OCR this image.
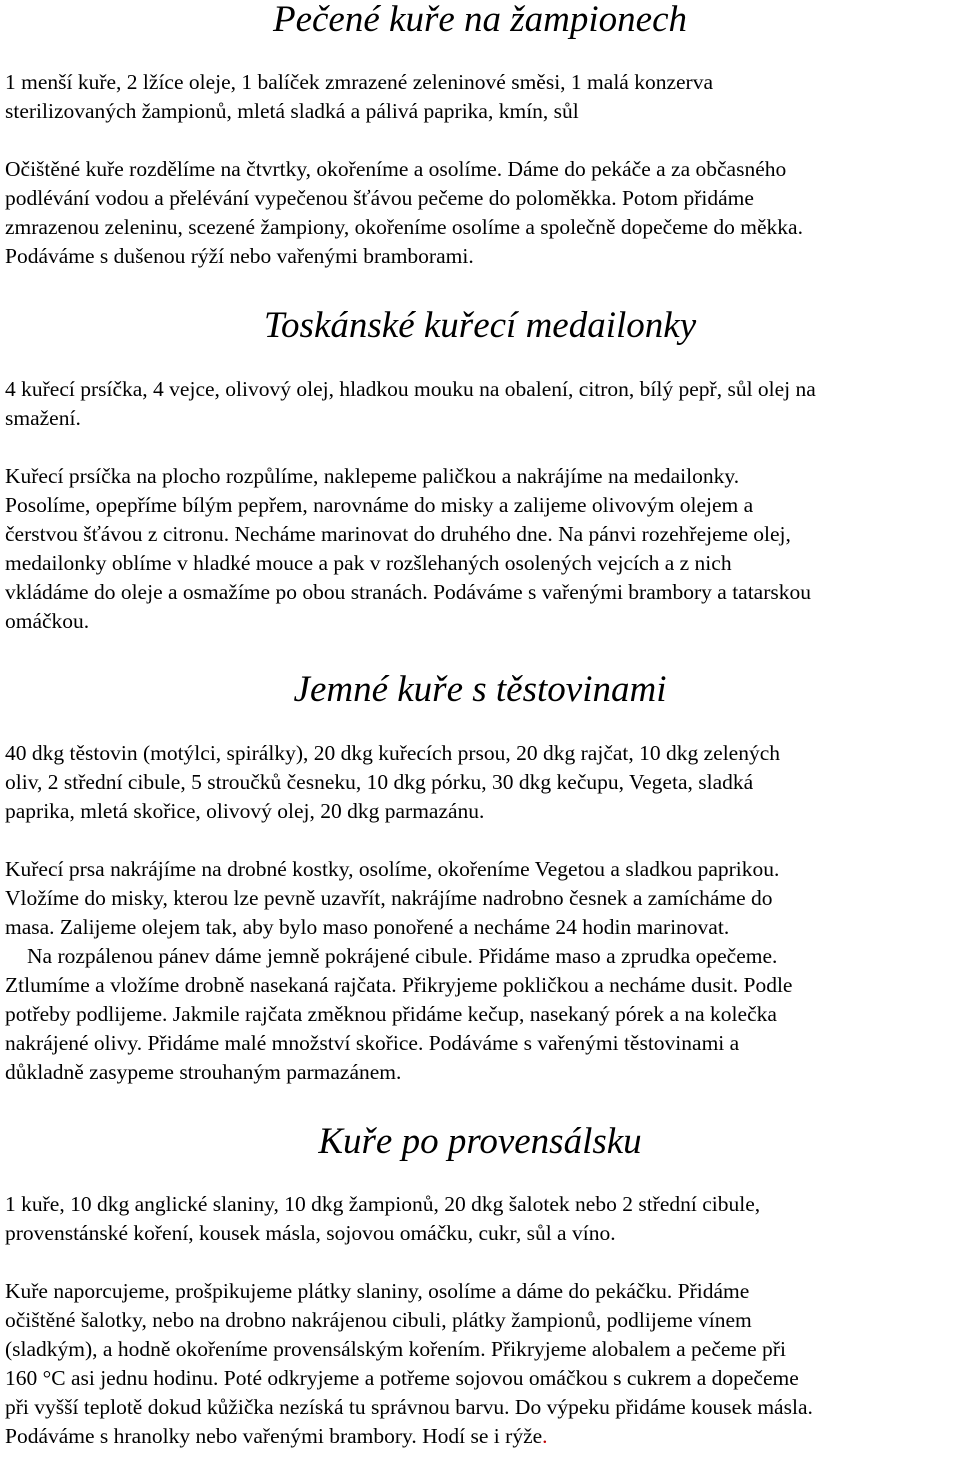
Pečené kuře na žampionech

1 menší kuře, 2 lžíce oleje, 1 balíček zmrazené zeleninové směsi, 1 malá konzerva
sterilizovaných žampionů, mletá sladká a pálivá paprika, kmín, sůl

Očištěné kuře rozdělíme na čtvrtky, okořeníme a osolíme. Dáme do pekáče a za občasného
podlévání vodou a přelévání vypečenou šťávou pečeme do poloměkka. Potom přidáme
zmrazenou zeleninu, scezené žampiony, okořeníme osolíme a společně dopečeme do měkka.
Podáváme s dušenou rýží nebo vařenými bramborami.

Toskánské kuřecí medailonky

4 kuřecí prsíčka, 4 vejce, olivový olej, hladkou mouku na obalení, citron, bílý pepř, sůl olej na
smažení.

Kuřecí prsíčka na plocho rozpůlíme, naklepeme paličkou a nakrájíme na medailonky.
Posolíme, opepříme bílým pepřem, narovnáme do misky a zalijeme olivovým olejem a
čerstvou šťávou z citronu. Necháme marinovat do druhého dne. Na pánvi rozehřejeme olej,
medailonky oblíme v hladké mouce a pak v rozšlehaných osolených vejcích a z nich
vkládáme do oleje a osmažíme po obou stranách. Podáváme s vařenými brambory a tatarskou
omáčkou.

Jemné kuře s těstovinami

40 dkg těstovin (motýlci, spirálky), 20 dkg kuřecích prsou, 20 dkg rajčat, 10 dkg zelených
oliv, 2 střední cibule, 5 stroučků česneku, 10 dkg pórku, 30 dkg kečupu, Vegeta, sladká
paprika, mletá skořice, olivový olej, 20 dkg parmazánu.

Kuřecí prsa nakrájíme na drobné kostky, osolíme, okořeníme Vegetou a sladkou paprikou.
Vložíme do misky, kterou lze pevně uzavřít, nakrájíme nadrobno česnek a zamícháme do
masa. Zalijeme olejem tak, aby bylo maso ponořené a necháme 24 hodin marinovat.
Na rozpálenou pánev dáme jemně pokrájené cibule. Přidáme maso a zprudka opečeme.
Ztlumíme a vložíme drobně nasekaná rajčata. Přikryjeme pokličkou a necháme dusit. Podle
potřeby podlijeme. Jakmile rajčata změknou přidáme kečup, nasekaný pórek a na kolečka
nakrájené olivy. Přidáme malé množství skořice. Podáváme s vařenými těstovinami a
důkladně zasypeme strouhaným parmazánem.

Kuře po provensálsku

1 kuře, 10 dkg anglické slaniny, 10 dkg žampionů, 20 dkg šalotek nebo 2 střední cibule,
provenstánské koření, kousek másla, sojovou omáčku, cukr, sůl a víno.

Kuře naporcujeme, prošpikujeme plátky slaniny, osolíme a dáme do pekáčku. Přidáme
očištěné šalotky, nebo na drobno nakrájenou cibuli, plátky žampionů, podlijeme vínem
(sladkým), a hodně okořeníme provensálským kořením. Přikryjeme alobalem a pečeme při
160 °C asi jednu hodinu. Poté odkryjeme a potřeme sojovou omáčkou s cukrem a dopečeme
při vyšší teplotě dokud kůžička nezíská tu správnou barvu. Do výpeku přidáme kousek másla.
Podáváme s hranolky nebo vařenými brambory. Hodí se i rýže.
